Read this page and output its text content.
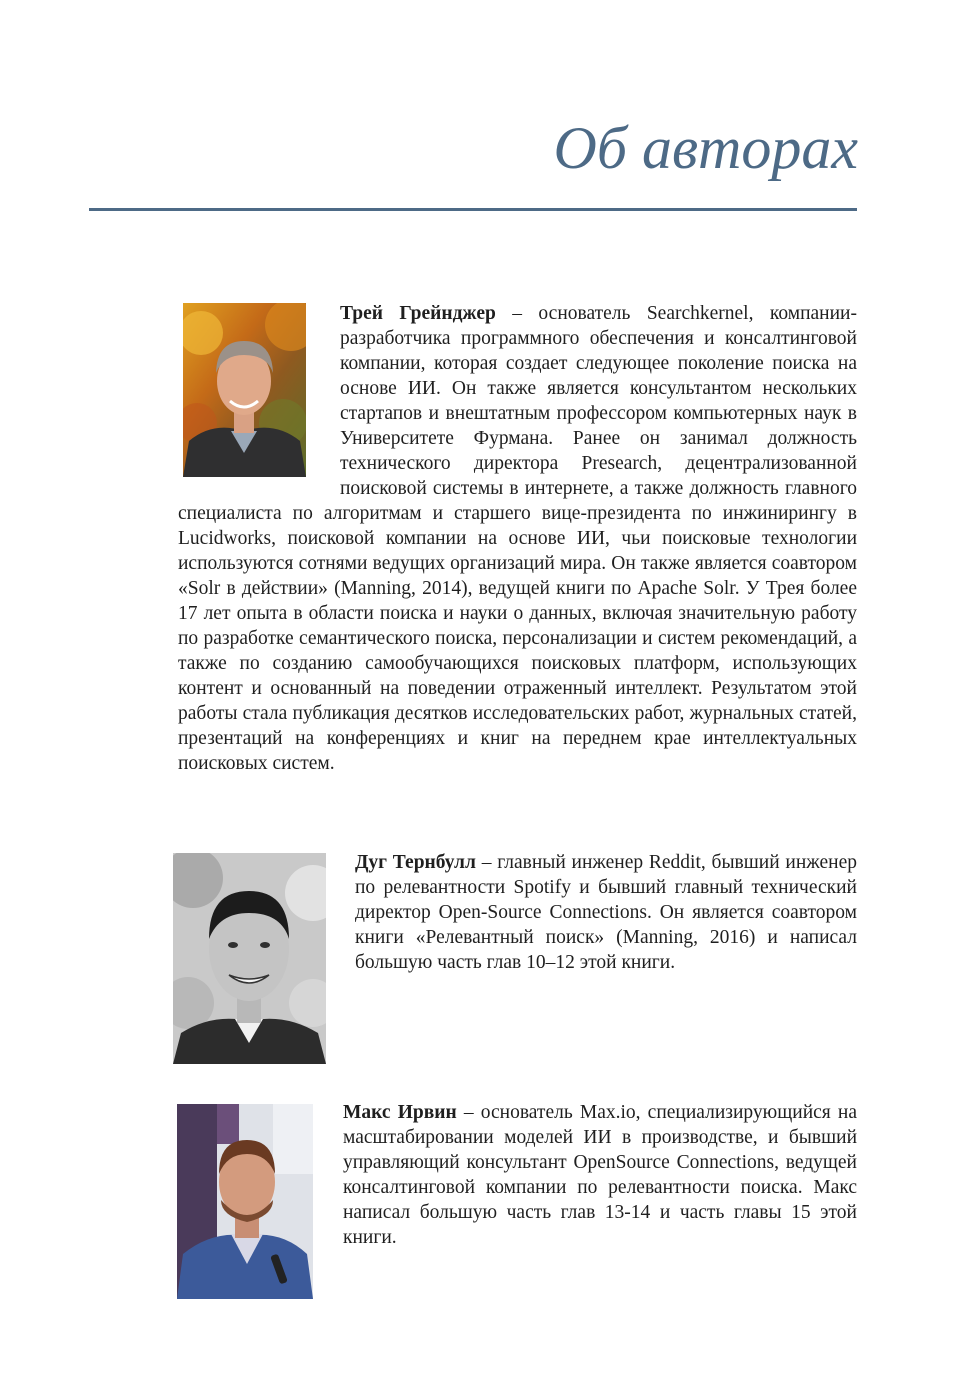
Об авторах
Трей Грейнджер – основатель Searchkernel, компании-разработчика программного обеспечения и консалтинговой компании, которая создает следующее поколение поиска на основе ИИ. Он также является консультантом нескольких стартапов и внештатным профессором компьютерных наук в Университете Фурмана. Ранее он занимал должность технического директора Presearch, децентрализованной поисковой системы в интернете, а также должность главного специалиста по алгоритмам и старшего вице-президента по инжинирингу в Lucidworks, поисковой компании на основе ИИ, чьи поисковые технологии используются сотнями ведущих организаций мира. Он также является соавтором «Solr в действии» (Manning, 2014), ведущей книги по Apache Solr. У Трея более 17 лет опыта в области поиска и науки о данных, включая значительную работу по разработке семантического поиска, персонализации и систем рекомендаций, а также по созданию самообучающихся поисковых платформ, использующих контент и основанный на поведении отраженный интеллект. Результатом этой работы стала публикация десятков исследовательских работ, журнальных статей, презентаций на конференциях и книг на переднем крае интеллектуальных поисковых систем.
Дуг Тернбулл – главный инженер Reddit, бывший инженер по релевантности Spotify и бывший главный технический директор Open-Source Connections. Он является соавтором книги «Релевантный поиск» (Manning, 2016) и написал большую часть глав 10–12 этой книги.
Макс Ирвин – основатель Max.io, специализирующийся на масштабировании моделей ИИ в производстве, и бывший управляющий консультант OpenSource Connections, ведущей консалтинговой компании по релевантности поиска. Макс написал большую часть глав 13-14 и часть главы 15 этой книги.
